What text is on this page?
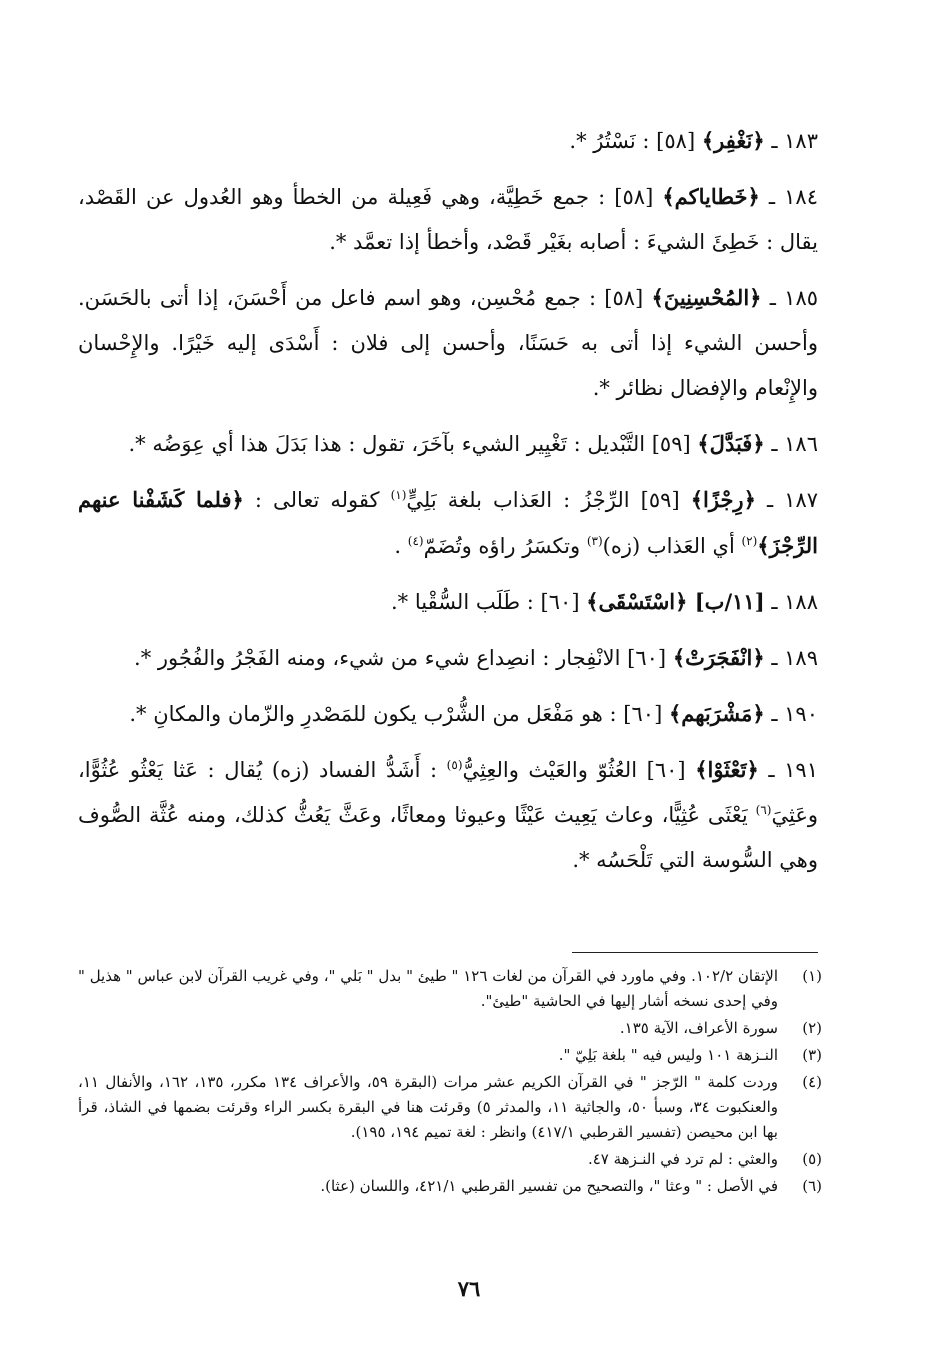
١٨٣ ـ ﴿نَغْفِر﴾ [٥٨] : نَسْتُرُ *.

١٨٤ ـ ﴿خَطاياكم﴾ [٥٨] : جمع خَطِيَّة، وهي فَعِيلة من الخطأ وهو العُدول عن القَصْد، يقال : خَطِئَ الشيءَ : أصابه بغَيْر قَصْد، وأخطأ إذا تعمَّد *.

١٨٥ ـ ﴿المُحْسِنِينَ﴾ [٥٨] : جمع مُحْسِن، وهو اسم فاعل من أَحْسَنَ، إذا أتى بالحَسَن. وأحسن الشيء إذا أتى به حَسَنًا، وأحسن إلى فلان : أَسْدَى إليه خَيْرًا. والإِحْسان والإِنْعام والإفضال نظائر *.

١٨٦ ـ ﴿فَبَدَّلَ﴾ [٥٩] التَّبْديل : تَغْيِير الشيء بآخَرَ، تقول : هذا بَدَلَ هذا أي عِوَضُه *.

١٨٧ ـ ﴿رِجْزًا﴾ [٥٩] الرِّجْزُ : العَذاب بلغة بَلِيٍّ$^{(١)}$ كقوله تعالى : ﴿فلما كَشَفْنا عنهم الرِّجْزَ﴾$^{(٢)}$ أي العَذاب (زه)$^{(٣)}$ وتكسَرُ راؤه وتُضَمّ$^{(٤)}$ .

١٨٨ ـ [١١/ب] ﴿اسْتَسْقَى﴾ [٦٠] : طَلَب السُّقْيا *.

١٨٩ ـ ﴿انْفَجَرَتْ﴾ [٦٠] الانْفِجار : انصِداع شيء من شيء، ومنه الفَجْرُ والفُجُور *.

١٩٠ ـ ﴿مَشْرَبَهم﴾ [٦٠] : هو مَفْعَل من الشُّرْب يكون للمَصْدرِ والزّمان والمكانِ *.

١٩١ ـ ﴿تَعْثَوْا﴾ [٦٠] العُثُوّ والعَيْث والعِثِيُّ$^{(٥)}$ : أَشَدُّ الفساد (زه) يُقال : عَثا يَعْثُو عُثُوًّا، وعَثِيَ$^{(٦)}$ يَعْثَى عُثِيًّا، وعاث يَعِيث عَيْثًا وعيوثا ومعاثًا، وعَثَّ يَعُثُّ كذلك، ومنه عُثَّة الصُّوف وهي السُّوسة التي تَلْحَسُه *.

(١)
الإتقان ١٠٢/٢. وفي ماورد في القرآن من لغات ١٢٦ " طيئ " بدل " بَلي "، وفي غريب القرآن لابن عباس " هذيل " وفي إحدى نسخه أشار إليها في الحاشية "طيئ".
(٢)
سورة الأعراف، الآية ١٣٥.
(٣)
النـزهة ١٠١ وليس فيه " بلغة بَلِيّ ".
(٤)
وردت كلمة " الرّجز " في القرآن الكريم عشر مرات (البقرة ٥٩، والأعراف ١٣٤ مكرر، ١٣٥، ١٦٢، والأنفال ١١، والعنكبوت ٣٤، وسبأ ٥٠، والجاثية ١١، والمدثر ٥) وقرئت هنا في البقرة بكسر الراء وقرئت بضمها في الشاذ، قرأ بها ابن محيصن (تفسير القرطبي ٤١٧/١) وانظر : لغة تميم ١٩٤، ١٩٥).
(٥)
والعثي : لم ترد في النـزهة ٤٧.
(٦)
في الأصل : " وعثا "، والتصحيح من تفسير القرطبي ٤٢١/١، واللسان (عثا).
٧٦
